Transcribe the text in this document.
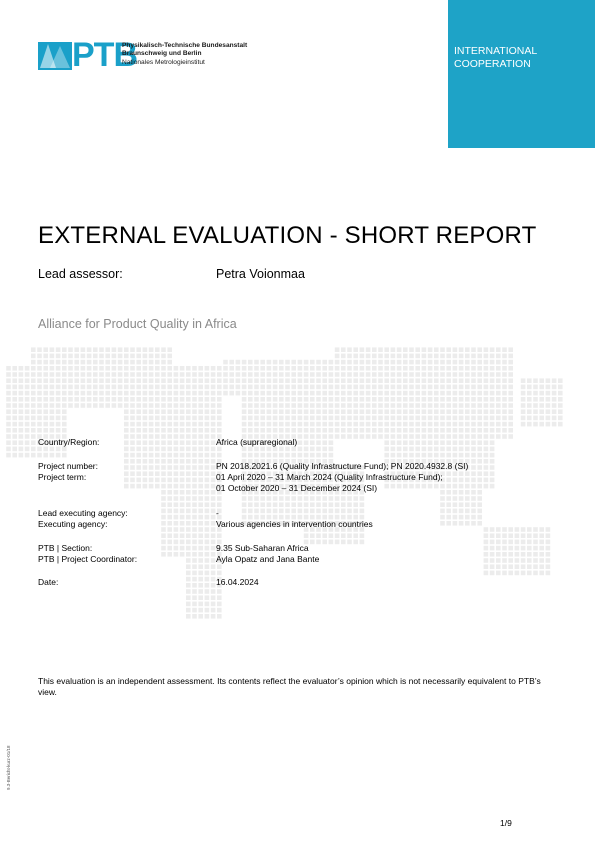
PTB
Physikalisch-Technische Bundesanstalt
Braunschweig und Berlin
Nationales Metrologieinstitut
INTERNATIONAL
COOPERATION
EXTERNAL EVALUATION - SHORT REPORT
Lead assessor:	Petra Voionmaa
Alliance for Product Quality in Africa
Country/Region:	Africa (supraregional)
Project number:	PN 2018.2021.6 (Quality Infrastructure Fund); PN 2020.4932.8 (SI)
Project term:	01 April 2020 – 31 March 2024 (Quality Infrastructure Fund);
01 October 2020 – 31 December 2024 (SI)
Lead executing agency:	-
Executing agency:	Various agencies in intervention countries
PTB | Section:	9.35 Sub-Saharan Africa
PTB | Project Coordinator:	Ayla Opatz and Jana Bante
Date:	16.04.2024
This evaluation is an independent assessment. Its contents reflect the evaluator’s opinion which is not necessarily equivalent to PTB’s view.
9.3-Bericht-kurz-01/18
1/9
